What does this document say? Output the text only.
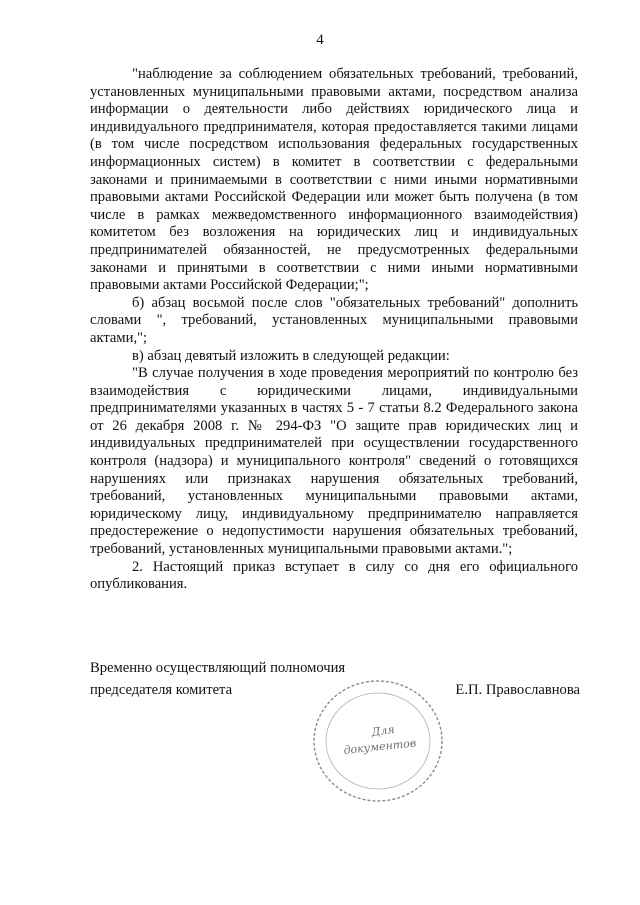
4

"наблюдение за соблюдением обязательных требований, требований, установленных муниципальными правовыми актами, посредством анализа информации о деятельности либо действиях юридического лица и индивидуального предпринимателя, которая предоставляется такими лицами (в том числе посредством использования федеральных государственных информационных систем) в комитет в соответствии с федеральными законами и принимаемыми в соответствии с ними иными нормативными правовыми актами Российской Федерации или может быть получена (в том числе в рамках межведомственного информационного взаимодействия) комитетом без возложения на юридических лиц и индивидуальных предпринимателей обязанностей, не предусмотренных федеральными законами и принятыми в соответствии с ними иными нормативными правовыми актами Российской Федерации;";

б) абзац восьмой после слов "обязательных требований" дополнить словами ", требований, установленных муниципальными правовыми актами,";

в) абзац девятый изложить в следующей редакции:

"В случае получения в ходе проведения мероприятий по контролю без взаимодействия с юридическими лицами, индивидуальными предпринимателями указанных в частях 5 - 7 статьи 8.2 Федерального закона от 26 декабря 2008 г. № 294-ФЗ "О защите прав юридических лиц и индивидуальных предпринимателей при осуществлении государственного контроля (надзора) и муниципального контроля" сведений о готовящихся нарушениях или признаках нарушения обязательных требований, требований, установленных муниципальными правовыми актами, юридическому лицу, индивидуальному предпринимателю направляется предостережение о недопустимости нарушения обязательных требований, требований, установленных муниципальными правовыми актами.";

2. Настоящий приказ вступает в силу со дня его официального опубликования.

Временно осуществляющий полномочия
председателя комитета	Е.П. Православнова
Для
документов
